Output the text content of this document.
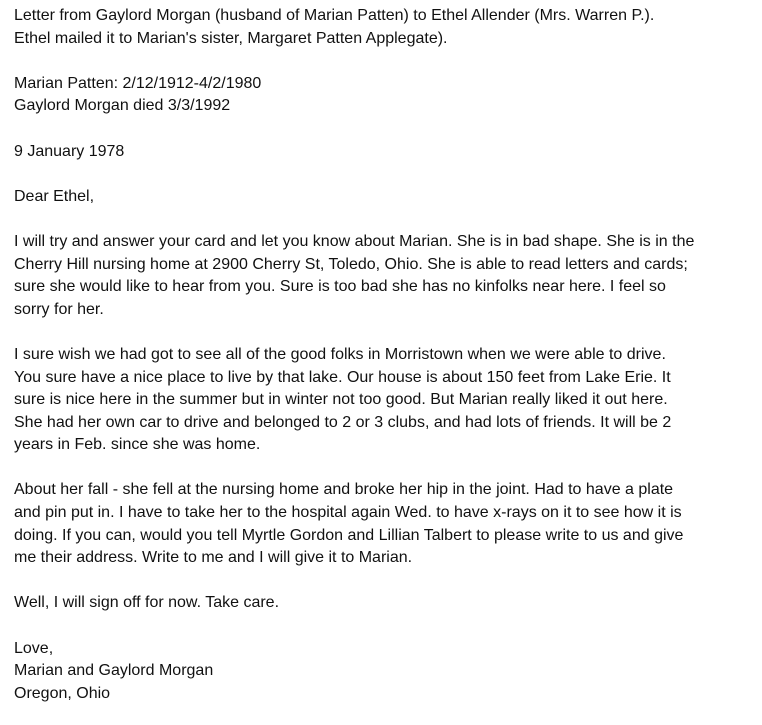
Letter from Gaylord Morgan (husband of Marian Patten) to Ethel Allender (Mrs. Warren P.).
Ethel mailed it to Marian's sister, Margaret Patten Applegate).
Marian Patten: 2/12/1912-4/2/1980
Gaylord Morgan died 3/3/1992
9 January 1978
Dear Ethel,
I will try and answer your card and let you know about Marian. She is in bad shape. She is in the
Cherry Hill nursing home at 2900 Cherry St, Toledo, Ohio. She is able to read letters and cards;
sure she would like to hear from you. Sure is too bad she has no kinfolks near here. I feel so
sorry for her.
I sure wish we had got to see all of the good folks in Morristown when we were able to drive.
You sure have a nice place to live by that lake. Our house is about 150 feet from Lake Erie. It
sure is nice here in the summer but in winter not too good. But Marian really liked it out here.
She had her own car to drive and belonged to 2 or 3 clubs, and had lots of friends. It will be 2
years in Feb. since she was home.
About her fall - she fell at the nursing home and broke her hip in the joint. Had to have a plate
and pin put in. I have to take her to the hospital again Wed. to have x-rays on it to see how it is
doing. If you can, would you tell Myrtle Gordon and Lillian Talbert to please write to us and give
me their address. Write to me and I will give it to Marian.
Well, I will sign off for now. Take care.
Love,
Marian and Gaylord Morgan
Oregon, Ohio
